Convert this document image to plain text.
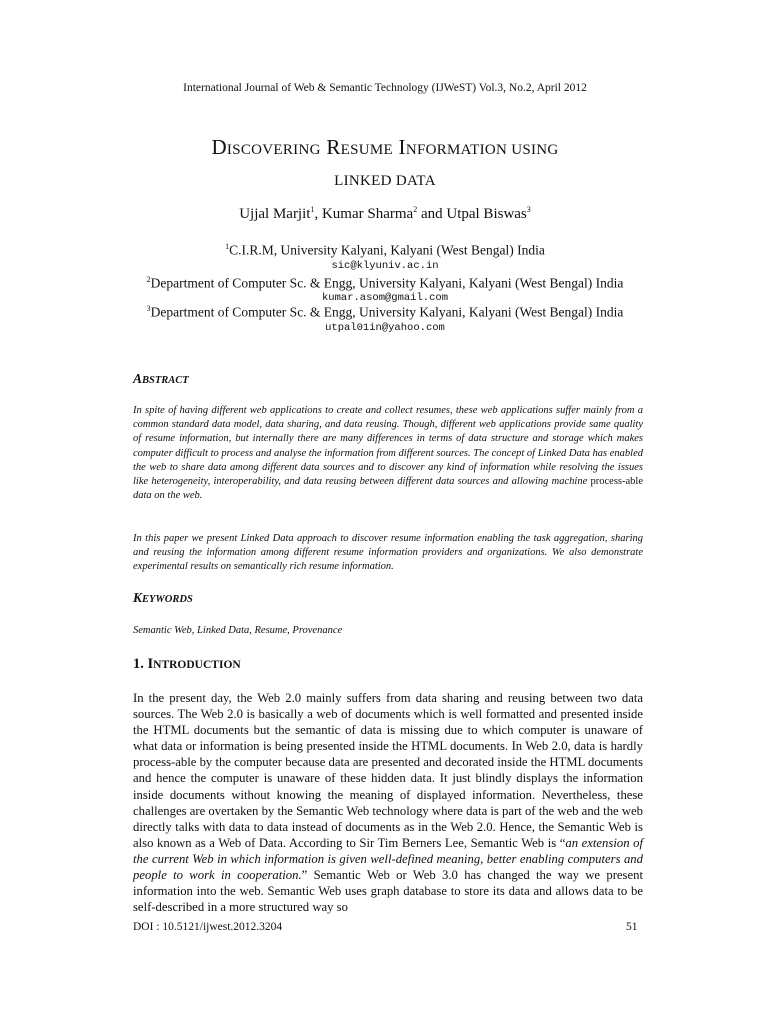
International Journal of Web & Semantic Technology (IJWeST) Vol.3, No.2, April 2012
DISCOVERING RESUME INFORMATION USING
LINKED DATA
Ujjal Marjit$^1$, Kumar Sharma$^2$ and Utpal Biswas$^3$
$^1$C.I.R.M, University Kalyani, Kalyani (West Bengal) India
sic@klyuniv.ac.in
$^2$Department of Computer Sc. & Engg, University Kalyani, Kalyani (West Bengal) India
kumar.asom@gmail.com
$^3$Department of Computer Sc. & Engg, University Kalyani, Kalyani (West Bengal) India
utpal01in@yahoo.com
ABSTRACT
In spite of having different web applications to create and collect resumes, these web applications suffer mainly from a common standard data model, data sharing, and data reusing. Though, different web applications provide same quality of resume information, but internally there are many differences in terms of data structure and storage which makes computer difficult to process and analyse the information from different sources. The concept of Linked Data has enabled the web to share data among different data sources and to discover any kind of information while resolving the issues like heterogeneity, interoperability, and data reusing between different data sources and allowing machine process-able data on the web.
In this paper we present Linked Data approach to discover resume information enabling the task aggregation, sharing and reusing the information among different resume information providers and organizations. We also demonstrate experimental results on semantically rich resume information.
KEYWORDS
Semantic Web, Linked Data, Resume, Provenance
1. INTRODUCTION
In the present day, the Web 2.0 mainly suffers from data sharing and reusing between two data sources. The Web 2.0 is basically a web of documents which is well formatted and presented inside the HTML documents but the semantic of data is missing due to which computer is unaware of what data or information is being presented inside the HTML documents. In Web 2.0, data is hardly process-able by the computer because data are presented and decorated inside the HTML documents and hence the computer is unaware of these hidden data. It just blindly displays the information inside documents without knowing the meaning of displayed information. Nevertheless, these challenges are overtaken by the Semantic Web technology where data is part of the web and the web directly talks with data to data instead of documents as in the Web 2.0. Hence, the Semantic Web is also known as a Web of Data. According to Sir Tim Berners Lee, Semantic Web is “an extension of the current Web in which information is given well-defined meaning, better enabling computers and people to work in cooperation.” Semantic Web or Web 3.0 has changed the way we present information into the web. Semantic Web uses graph database to store its data and allows data to be self-described in a more structured way so
DOI : 10.5121/ijwest.2012.3204	51
